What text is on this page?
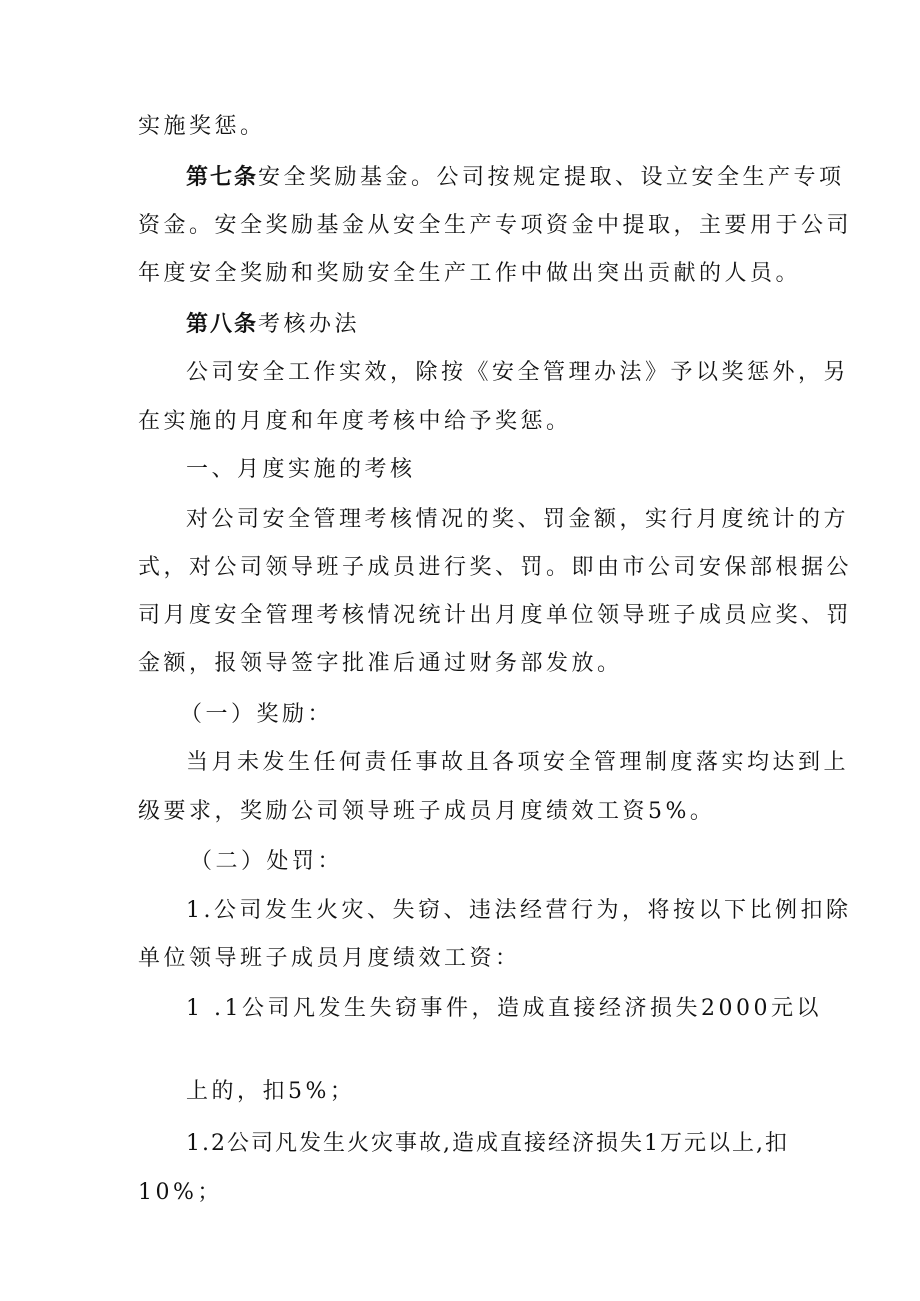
实施奖惩。
第七条安全奖励基金。公司按规定提取、设立安全生产专项
资金。安全奖励基金从安全生产专项资金中提取，主要用于公司
年度安全奖励和奖励安全生产工作中做出突出贡献的人员。
第八条考核办法
公司安全工作实效，除按《安全管理办法》予以奖惩外，另
在实施的月度和年度考核中给予奖惩。
一、月度实施的考核
对公司安全管理考核情况的奖、罚金额，实行月度统计的方
式，对公司领导班子成员进行奖、罚。即由市公司安保部根据公
司月度安全管理考核情况统计出月度单位领导班子成员应奖、罚
金额，报领导签字批准后通过财务部发放。
（一）奖励：
当月未发生任何责任事故且各项安全管理制度落实均达到上
级要求，奖励公司领导班子成员月度绩效工资5%。
（二）处罚：
1.公司发生火灾、失窃、违法经营行为，将按以下比例扣除
单位领导班子成员月度绩效工资：
1 .1公司凡发生失窃事件，造成直接经济损失2000元以
上的，扣5%；
1.2公司凡发生火灾事故,造成直接经济损失1万元以上,扣
10%；
